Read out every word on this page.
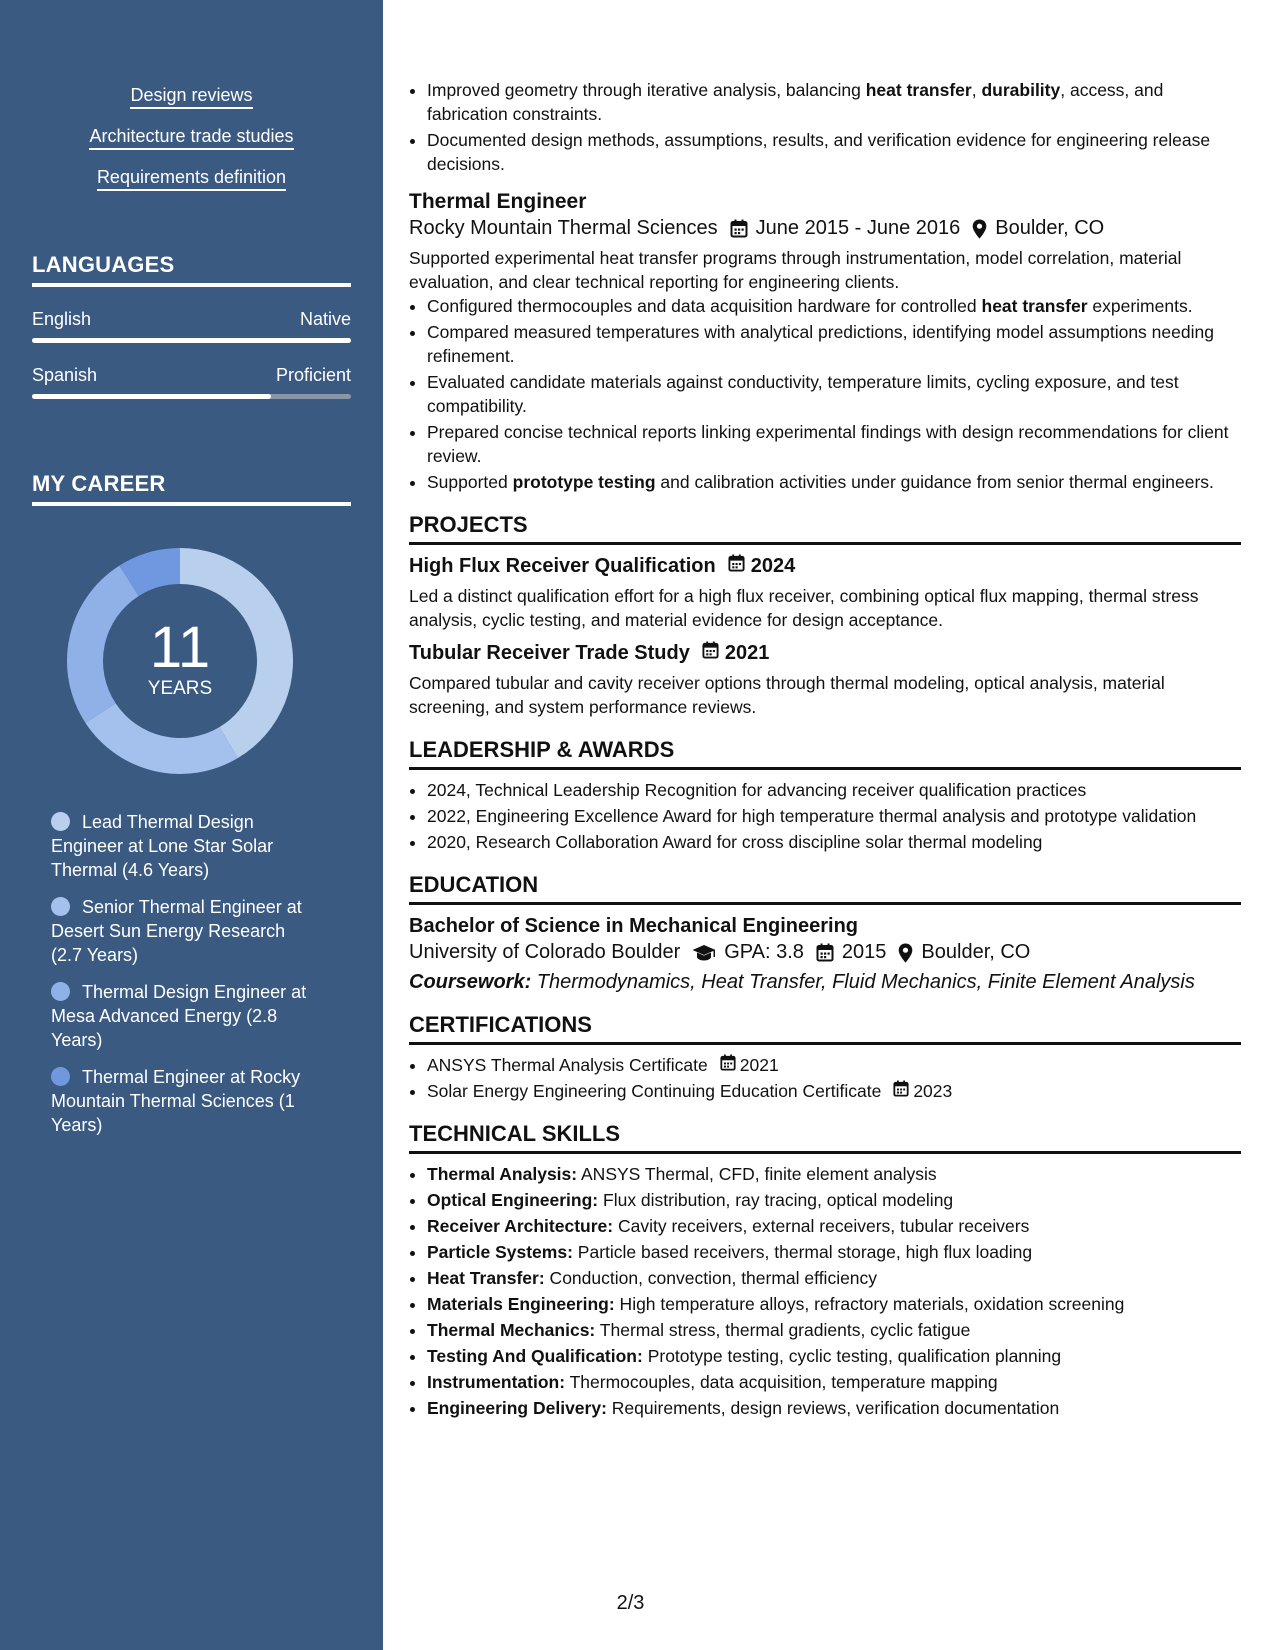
Design reviews
Architecture trade studies
Requirements definition
LANGUAGES
English	Native
Spanish	Proficient
MY CAREER
11
YEARS
Lead Thermal Design Engineer at Lone Star Solar Thermal (4.6 Years)
Senior Thermal Engineer at Desert Sun Energy Research (2.7 Years)
Thermal Design Engineer at Mesa Advanced Energy (2.8 Years)
Thermal Engineer at Rocky Mountain Thermal Sciences (1 Years)
• Improved geometry through iterative analysis, balancing heat transfer, durability, access, and fabrication constraints.
• Documented design methods, assumptions, results, and verification evidence for engineering release decisions.
Thermal Engineer
Rocky Mountain Thermal Sciences June 2015 - June 2016 Boulder, CO
Supported experimental heat transfer programs through instrumentation, model correlation, material evaluation, and clear technical reporting for engineering clients.
• Configured thermocouples and data acquisition hardware for controlled heat transfer experiments.
• Compared measured temperatures with analytical predictions, identifying model assumptions needing refinement.
• Evaluated candidate materials against conductivity, temperature limits, cycling exposure, and test compatibility.
• Prepared concise technical reports linking experimental findings with design recommendations for client review.
• Supported prototype testing and calibration activities under guidance from senior thermal engineers.
PROJECTS
High Flux Receiver Qualification 2024
Led a distinct qualification effort for a high flux receiver, combining optical flux mapping, thermal stress analysis, cyclic testing, and material evidence for design acceptance.
Tubular Receiver Trade Study 2021
Compared tubular and cavity receiver options through thermal modeling, optical analysis, material screening, and system performance reviews.
LEADERSHIP & AWARDS
• 2024, Technical Leadership Recognition for advancing receiver qualification practices
• 2022, Engineering Excellence Award for high temperature thermal analysis and prototype validation
• 2020, Research Collaboration Award for cross discipline solar thermal modeling
EDUCATION
Bachelor of Science in Mechanical Engineering
University of Colorado Boulder GPA: 3.8 2015 Boulder, CO
Coursework: Thermodynamics, Heat Transfer, Fluid Mechanics, Finite Element Analysis
CERTIFICATIONS
• ANSYS Thermal Analysis Certificate 2021
• Solar Energy Engineering Continuing Education Certificate 2023
TECHNICAL SKILLS
• Thermal Analysis: ANSYS Thermal, CFD, finite element analysis
• Optical Engineering: Flux distribution, ray tracing, optical modeling
• Receiver Architecture: Cavity receivers, external receivers, tubular receivers
• Particle Systems: Particle based receivers, thermal storage, high flux loading
• Heat Transfer: Conduction, convection, thermal efficiency
• Materials Engineering: High temperature alloys, refractory materials, oxidation screening
• Thermal Mechanics: Thermal stress, thermal gradients, cyclic fatigue
• Testing And Qualification: Prototype testing, cyclic testing, qualification planning
• Instrumentation: Thermocouples, data acquisition, temperature mapping
• Engineering Delivery: Requirements, design reviews, verification documentation
2/3
